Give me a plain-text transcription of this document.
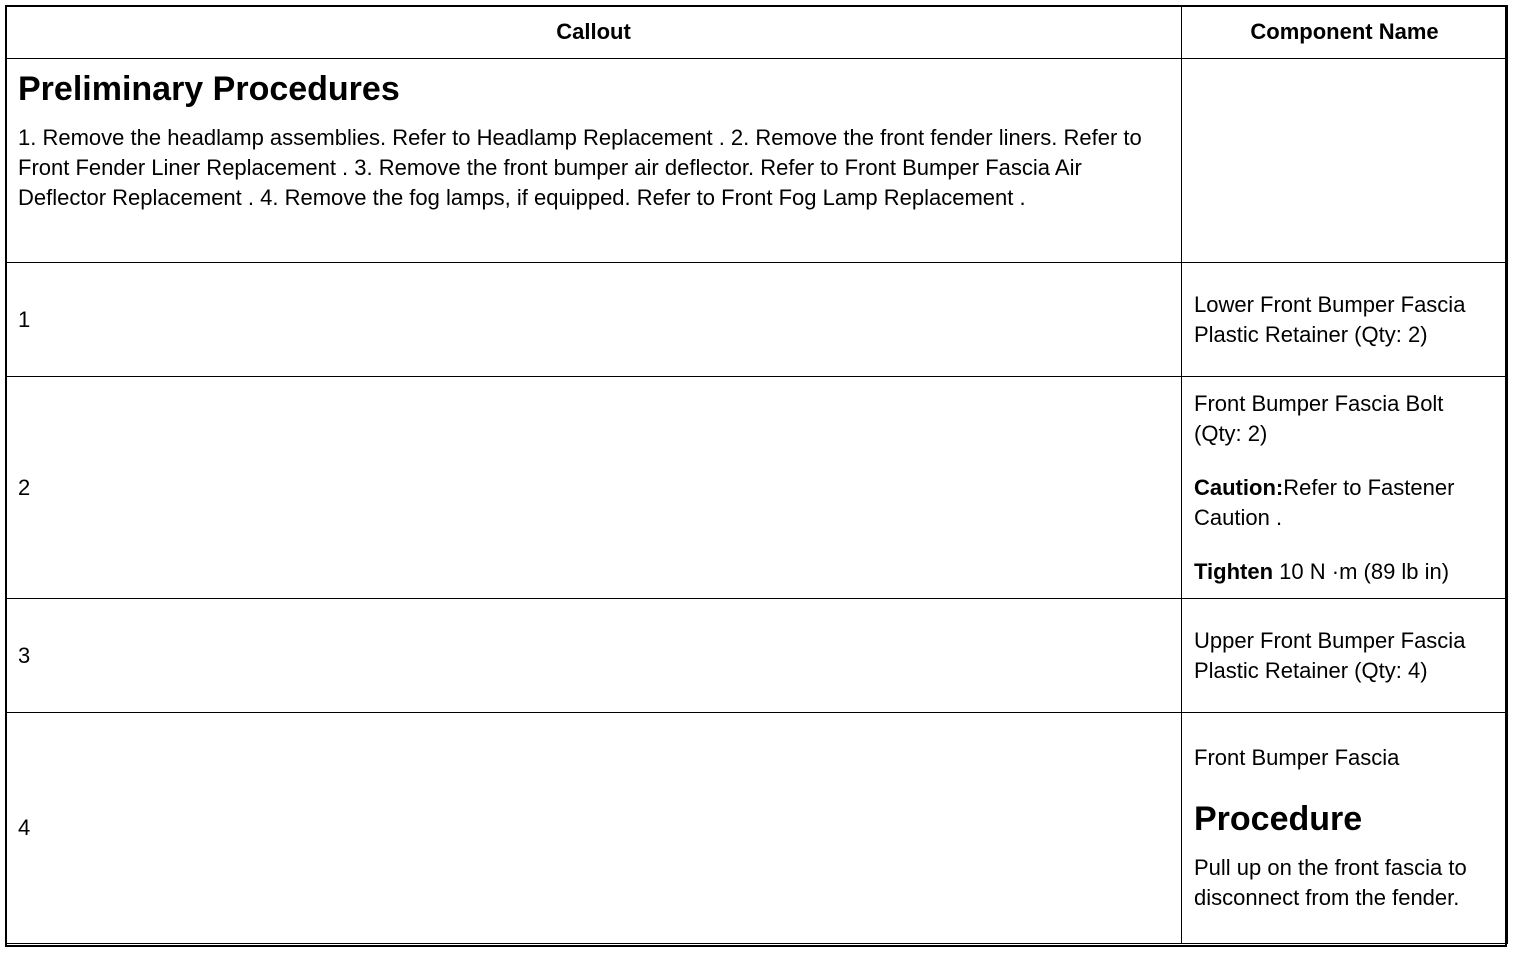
Callout	Component Name

Preliminary Procedures
1. Remove the headlamp assemblies. Refer to Headlamp Replacement . 2. Remove the front fender liners. Refer to Front Fender Liner Replacement . 3. Remove the front bumper air deflector. Refer to Front Bumper Fascia Air Deflector Replacement . 4. Remove the fog lamps, if equipped. Refer to Front Fog Lamp Replacement .	

1	Lower Front Bumper Fascia Plastic Retainer (Qty: 2)

2	Front Bumper Fascia Bolt (Qty: 2)

Caution:Refer to Fastener Caution .

Tighten 10 N ·m (89 lb in)

3	Upper Front Bumper Fascia Plastic Retainer (Qty: 4)

4	Front Bumper Fascia

Procedure

Pull up on the front fascia to disconnect from the fender.
